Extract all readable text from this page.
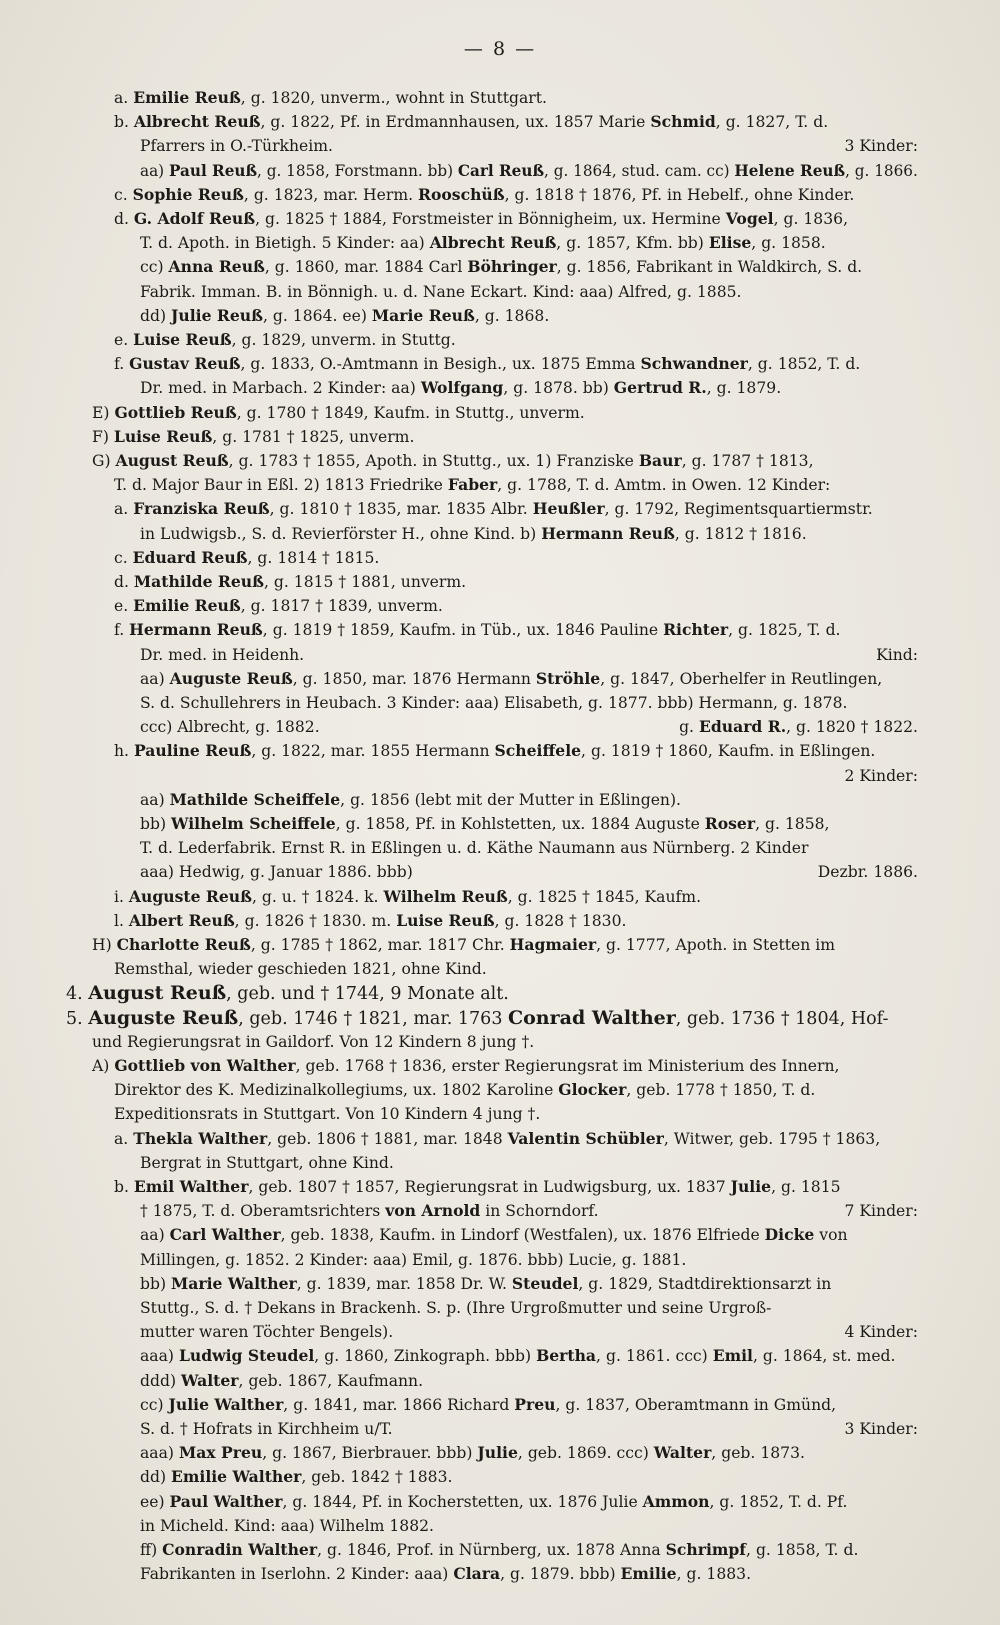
— 8 —
a. Emilie Reuß, g. 1820, unverm., wohnt in Stuttgart.
b. Albrecht Reuß, g. 1822, Pf. in Erdmannhausen, ux. 1857 Marie Schmid, g. 1827, T. d.
Pfarrers in O.-Türkheim.	3 Kinder:
aa) Paul Reuß, g. 1858, Forstmann. bb) Carl Reuß, g. 1864, stud. cam. cc) Helene Reuß, g. 1866.
c. Sophie Reuß, g. 1823, mar. Herm. Rooschüß, g. 1818 † 1876, Pf. in Hebelf., ohne Kinder.
d. G. Adolf Reuß, g. 1825 † 1884, Forstmeister in Bönnigheim, ux. Hermine Vogel, g. 1836,
T. d. Apoth. in Bietigh. 5 Kinder: aa) Albrecht Reuß, g. 1857, Kfm. bb) Elise, g. 1858.
cc) Anna Reuß, g. 1860, mar. 1884 Carl Böhringer, g. 1856, Fabrikant in Waldkirch, S. d.
Fabrik. Imman. B. in Bönnigh. u. d. Nane Eckart. Kind: aaa) Alfred, g. 1885.
dd) Julie Reuß, g. 1864. ee) Marie Reuß, g. 1868.
e. Luise Reuß, g. 1829, unverm. in Stuttg.
f. Gustav Reuß, g. 1833, O.-Amtmann in Besigh., ux. 1875 Emma Schwandner, g. 1852, T. d.
Dr. med. in Marbach. 2 Kinder: aa) Wolfgang, g. 1878. bb) Gertrud R., g. 1879.
E) Gottlieb Reuß, g. 1780 † 1849, Kaufm. in Stuttg., unverm.
F) Luise Reuß, g. 1781 † 1825, unverm.
G) August Reuß, g. 1783 † 1855, Apoth. in Stuttg., ux. 1) Franziske Baur, g. 1787 † 1813,
T. d. Major Baur in Eßl. 2) 1813 Friedrike Faber, g. 1788, T. d. Amtm. in Owen. 12 Kinder:
a. Franziska Reuß, g. 1810 † 1835, mar. 1835 Albr. Heußler, g. 1792, Regimentsquartiermstr.
in Ludwigsb., S. d. Revierförster H., ohne Kind. b) Hermann Reuß, g. 1812 † 1816.
c. Eduard Reuß, g. 1814 † 1815.
d. Mathilde Reuß, g. 1815 † 1881, unverm.
e. Emilie Reuß, g. 1817 † 1839, unverm.
f. Hermann Reuß, g. 1819 † 1859, Kaufm. in Tüb., ux. 1846 Pauline Richter, g. 1825, T. d.
Dr. med. in Heidenh.	Kind:
aa) Auguste Reuß, g. 1850, mar. 1876 Hermann Ströhle, g. 1847, Oberhelfer in Reutlingen,
S. d. Schullehrers in Heubach. 3 Kinder: aaa) Elisabeth, g. 1877. bbb) Hermann, g. 1878.
ccc) Albrecht, g. 1882.	g. Eduard R., g. 1820 † 1822.
h. Pauline Reuß, g. 1822, mar. 1855 Hermann Scheiffele, g. 1819 † 1860, Kaufm. in Eßlingen.
2 Kinder:
aa) Mathilde Scheiffele, g. 1856 (lebt mit der Mutter in Eßlingen).
bb) Wilhelm Scheiffele, g. 1858, Pf. in Kohlstetten, ux. 1884 Auguste Roser, g. 1858,
T. d. Lederfabrik. Ernst R. in Eßlingen u. d. Käthe Naumann aus Nürnberg. 2 Kinder
aaa) Hedwig, g. Januar 1886. bbb)	Dezbr. 1886.
i. Auguste Reuß, g. u. † 1824. k. Wilhelm Reuß, g. 1825 † 1845, Kaufm.
l. Albert Reuß, g. 1826 † 1830. m. Luise Reuß, g. 1828 † 1830.
H) Charlotte Reuß, g. 1785 † 1862, mar. 1817 Chr. Hagmaier, g. 1777, Apoth. in Stetten im
Remsthal, wieder geschieden 1821, ohne Kind.
4. August Reuß, geb. und † 1744, 9 Monate alt.
5. Auguste Reuß, geb. 1746 † 1821, mar. 1763 Conrad Walther, geb. 1736 † 1804, Hof-
und Regierungsrat in Gaildorf. Von 12 Kindern 8 jung †.
A) Gottlieb von Walther, geb. 1768 † 1836, erster Regierungsrat im Ministerium des Innern,
Direktor des K. Medizinalkollegiums, ux. 1802 Karoline Glocker, geb. 1778 † 1850, T. d.
Expeditionsrats in Stuttgart. Von 10 Kindern 4 jung †.
a. Thekla Walther, geb. 1806 † 1881, mar. 1848 Valentin Schübler, Witwer, geb. 1795 † 1863,
Bergrat in Stuttgart, ohne Kind.
b. Emil Walther, geb. 1807 † 1857, Regierungsrat in Ludwigsburg, ux. 1837 Julie, g. 1815
† 1875, T. d. Oberamtsrichters von Arnold in Schorndorf.	7 Kinder:
aa) Carl Walther, geb. 1838, Kaufm. in Lindorf (Westfalen), ux. 1876 Elfriede Dicke von
Millingen, g. 1852. 2 Kinder: aaa) Emil, g. 1876. bbb) Lucie, g. 1881.
bb) Marie Walther, g. 1839, mar. 1858 Dr. W. Steudel, g. 1829, Stadtdirektionsarzt in
Stuttg., S. d. † Dekans in Brackenh. S. p. (Ihre Urgroßmutter und seine Urgroß-
mutter waren Töchter Bengels).	4 Kinder:
aaa) Ludwig Steudel, g. 1860, Zinkograph. bbb) Bertha, g. 1861. ccc) Emil, g. 1864, st. med.
ddd) Walter, geb. 1867, Kaufmann.
cc) Julie Walther, g. 1841, mar. 1866 Richard Preu, g. 1837, Oberamtmann in Gmünd,
S. d. † Hofrats in Kirchheim u/T.	3 Kinder:
aaa) Max Preu, g. 1867, Bierbrauer. bbb) Julie, geb. 1869. ccc) Walter, geb. 1873.
dd) Emilie Walther, geb. 1842 † 1883.
ee) Paul Walther, g. 1844, Pf. in Kocherstetten, ux. 1876 Julie Ammon, g. 1852, T. d. Pf.
in Micheld. Kind: aaa) Wilhelm 1882.
ff) Conradin Walther, g. 1846, Prof. in Nürnberg, ux. 1878 Anna Schrimpf, g. 1858, T. d.
Fabrikanten in Iserlohn. 2 Kinder: aaa) Clara, g. 1879. bbb) Emilie, g. 1883.
